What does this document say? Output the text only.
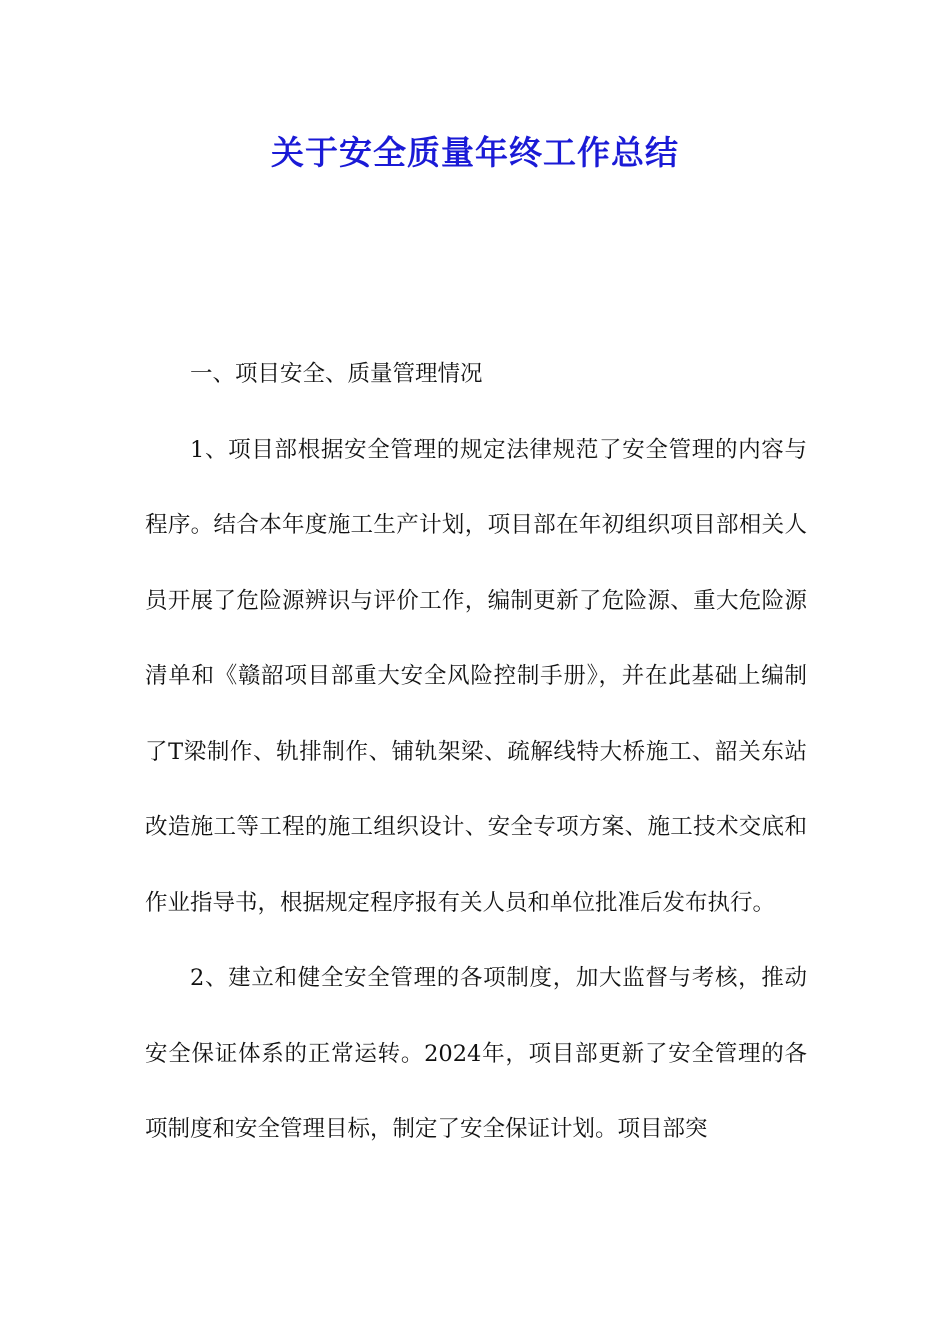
关于安全质量年终工作总结

一、项目安全、质量管理情况

1、项目部根据安全管理的规定法律规范了安全管理的内容与程序。结合本年度施工生产计划，项目部在年初组织项目部相关人员开展了危险源辨识与评价工作，编制更新了危险源、重大危险源清单和《赣韶项目部重大安全风险控制手册》，并在此基础上编制了T梁制作、轨排制作、铺轨架梁、疏解线特大桥施工、韶关东站改造施工等工程的施工组织设计、安全专项方案、施工技术交底和作业指导书，根据规定程序报有关人员和单位批准后发布执行。

2、建立和健全安全管理的各项制度，加大监督与考核，推动安全保证体系的正常运转。2024年，项目部更新了安全管理的各项制度和安全管理目标，制定了安全保证计划。项目部突
